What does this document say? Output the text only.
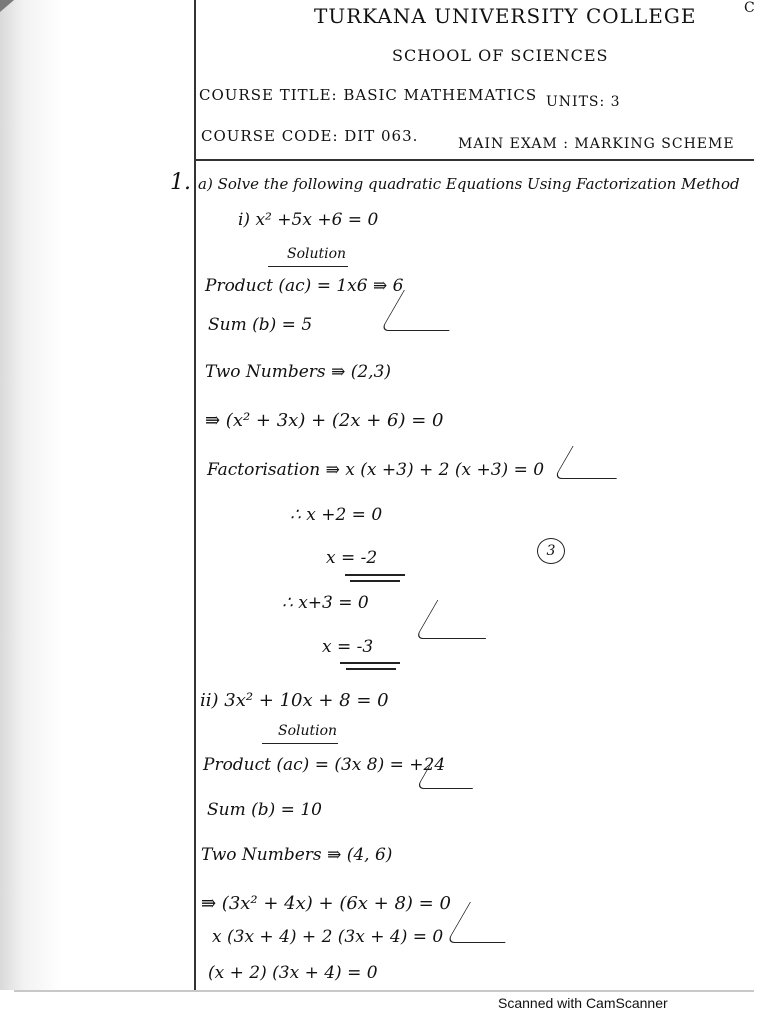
TURKANA UNIVERSITY COLLEGE	C
SCHOOL OF SCIENCES
COURSE TITLE: BASIC MATHEMATICS UNITS: 3
COURSE CODE: DIT 063.	MAIN EXAM : MARKING SCHEME
1. a) Solve the following quadratic Equations Using Factorization Method
i) x² +5x +6 = 0
Solution
Product (ac) = 1x6 ⇛ 6
Sum (b) = 5
Two Numbers ⇛ (2,3)
⇛ (x² + 3x) + (2x + 6) = 0
Factorisation ⇛ x (x +3) + 2 (x +3) = 0
∴ x +2 = 0
x = -2	3
∴ x+3 = 0
x = -3
ii) 3x² + 10x + 8 = 0
Solution
Product (ac) = (3x 8) = +24
Sum (b) = 10
Two Numbers ⇛ (4, 6)
⇛ (3x² + 4x) + (6x + 8) = 0
x (3x + 4) + 2 (3x + 4) = 0
(x + 2) (3x + 4) = 0
Scanned with CamScanner
